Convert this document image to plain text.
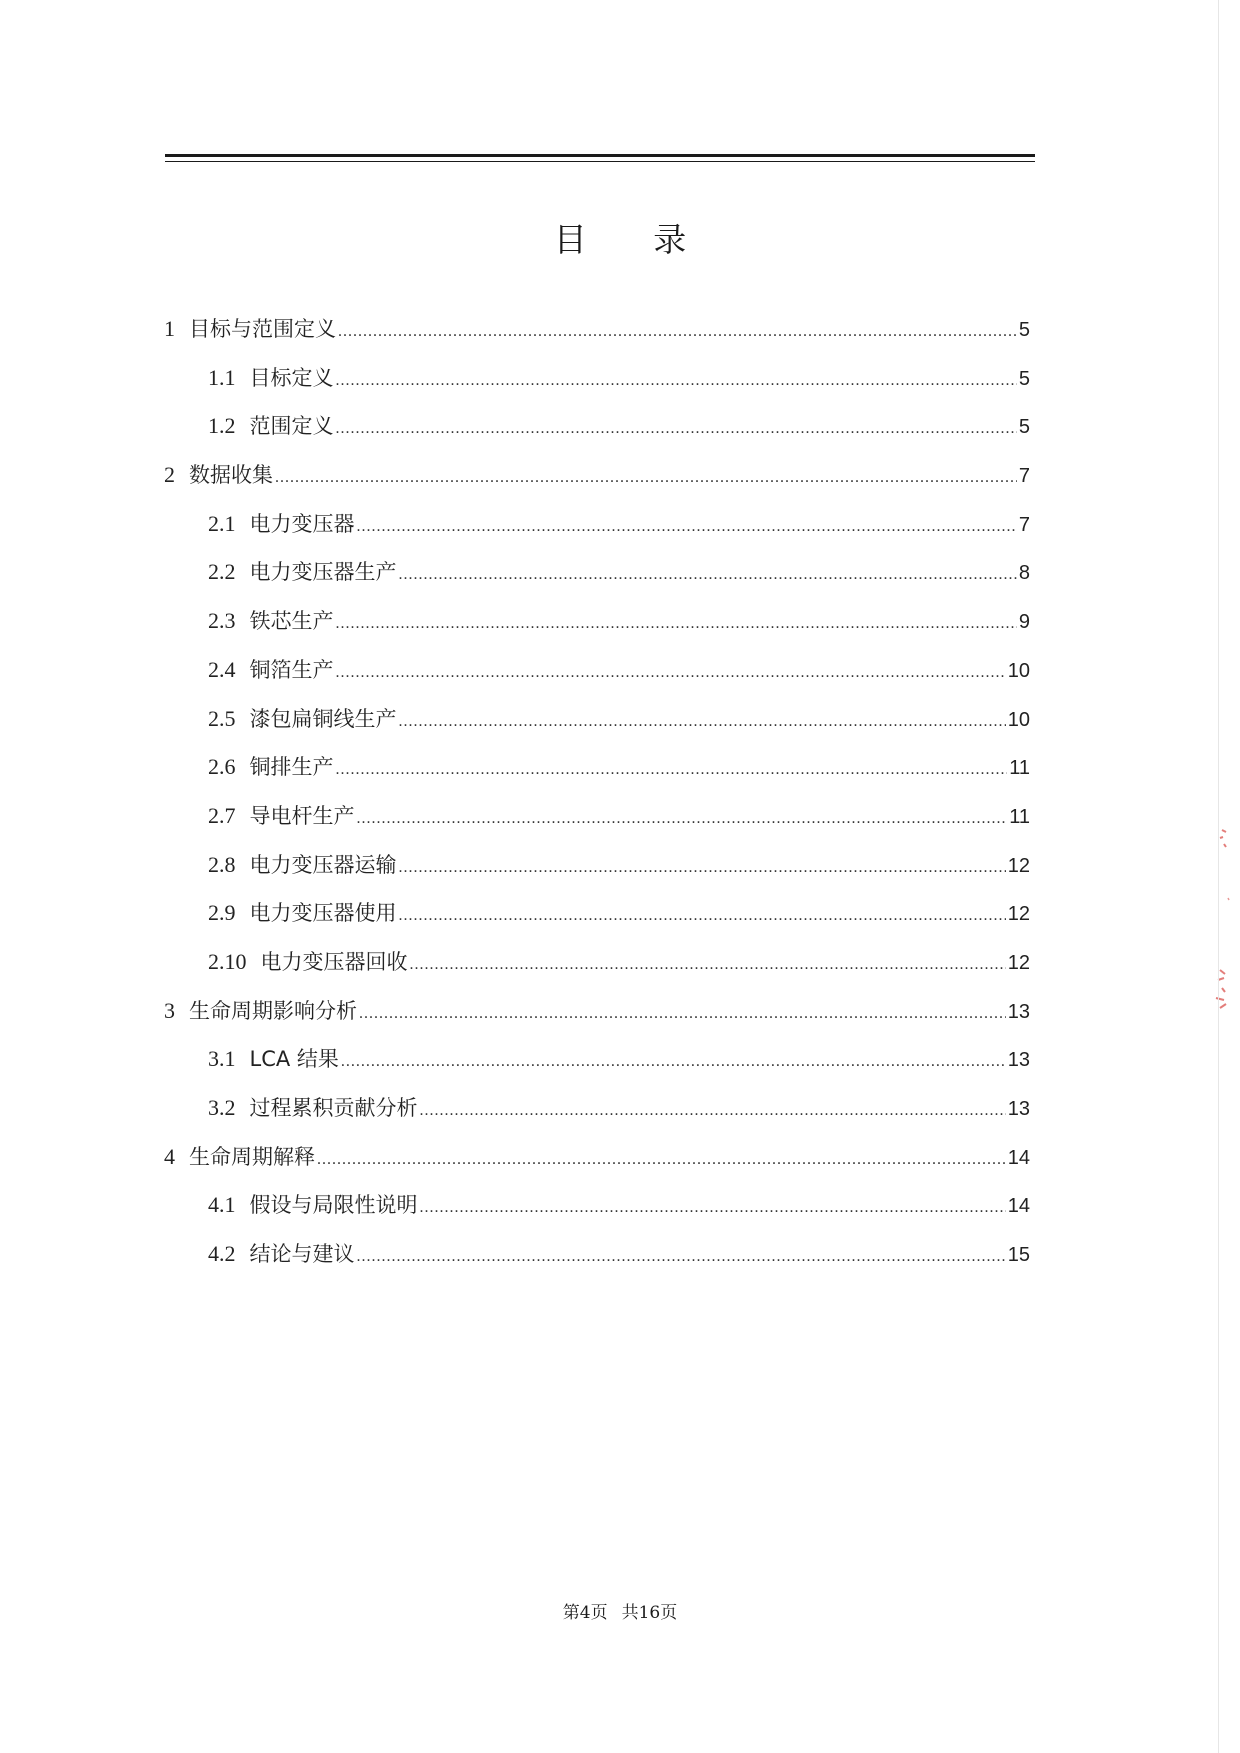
目 录
1 目标与范围定义 .....	5
1.1 目标定义 .....	5
1.2 范围定义 .....	5
2 数据收集 .....	7
2.1 电力变压器 .....	7
2.2 电力变压器生产 .....	8
2.3 铁芯生产 .....	9
2.4 铜箔生产 .....	10
2.5 漆包扁铜线生产 .....	10
2.6 铜排生产 .....	11
2.7 导电杆生产 .....	11
2.8 电力变压器运输 .....	12
2.9 电力变压器使用 .....	12
2.10 电力变压器回收 .....	12
3 生命周期影响分析 .....	13
3.1 LCA 结果 .....	13
3.2 过程累积贡献分析 .....	13
4 生命周期解释 .....	14
4.1 假设与局限性说明 .....	14
4.2 结论与建议 .....	15
第4页 共16页
